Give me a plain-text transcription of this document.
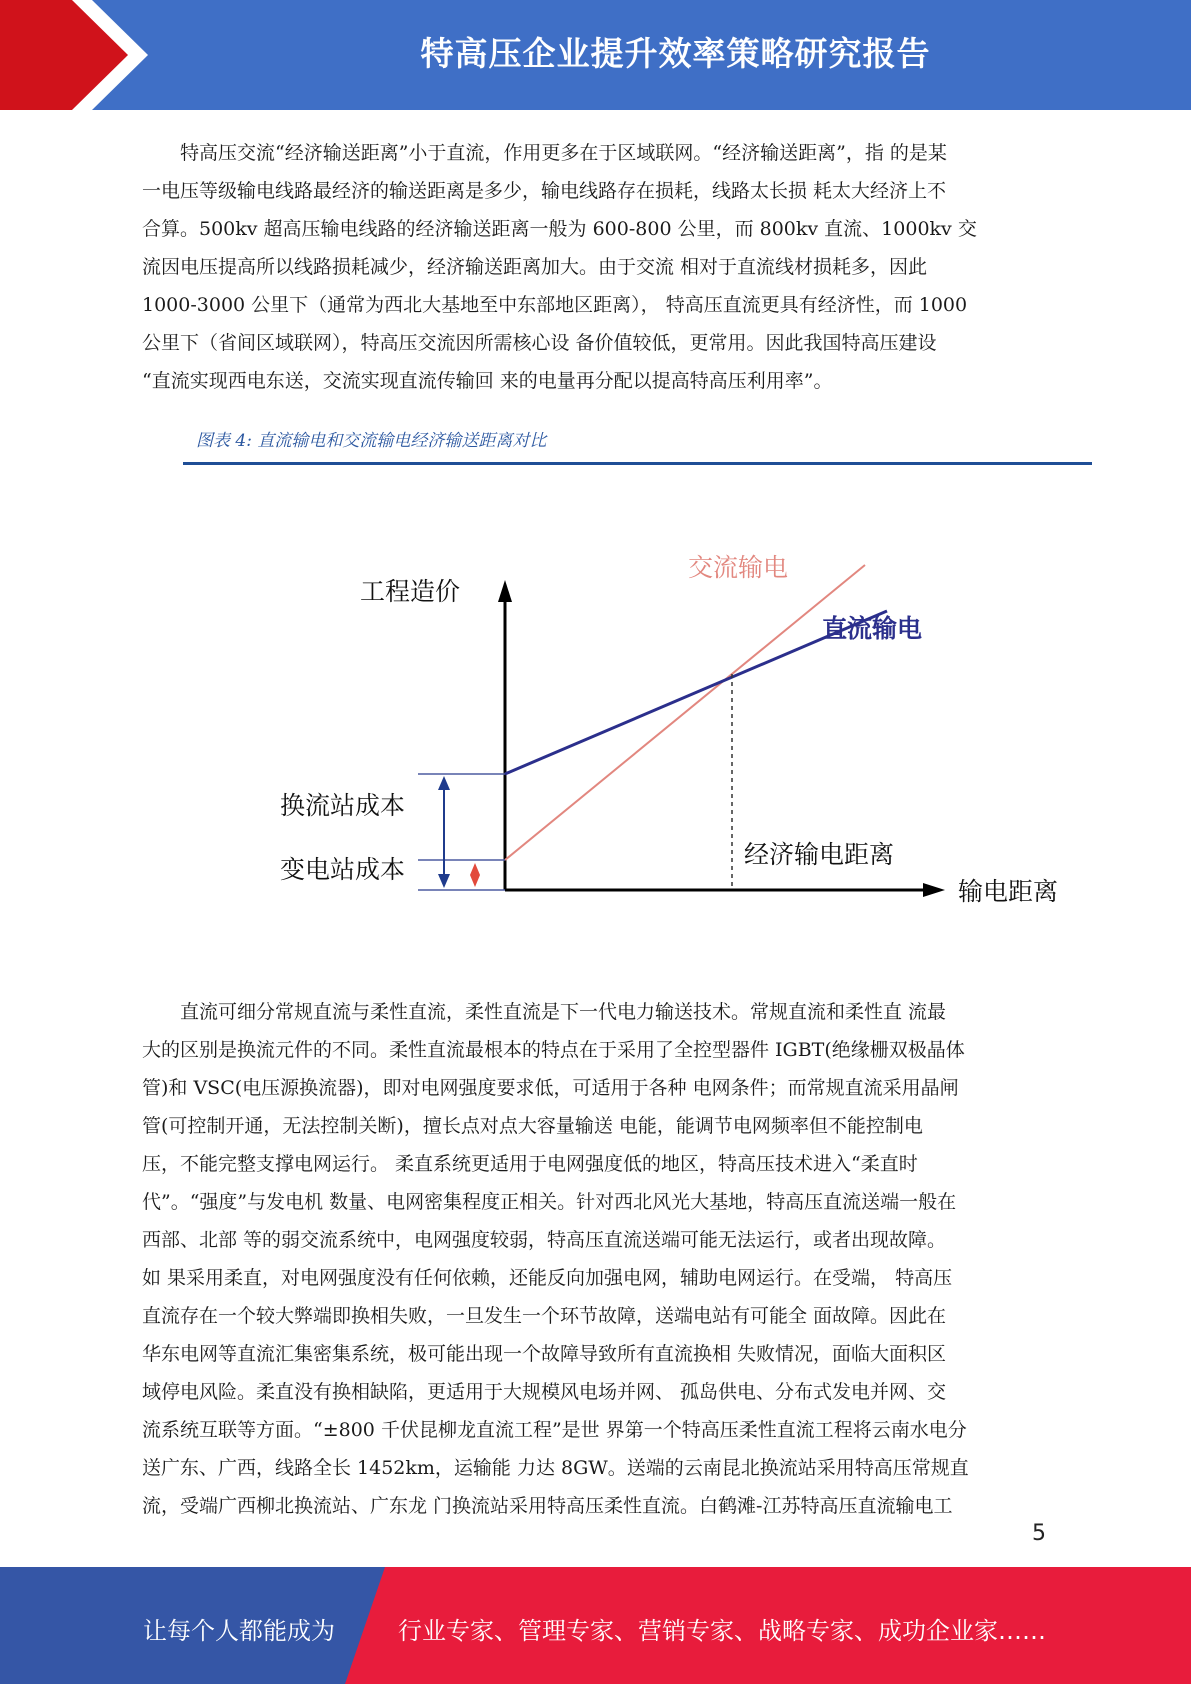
特高压企业提升效率策略研究报告
　　特高压交流“经济输送距离”小于直流，作用更多在于区域联网。“经济输送距离”，指 的是某
一电压等级输电线路最经济的输送距离是多少，输电线路存在损耗，线路太长损 耗太大经济上不
合算。500kv 超高压输电线路的经济输送距离一般为 600-800 公里，而 800kv 直流、1000kv 交
流因电压提高所以线路损耗减少，经济输送距离加大。由于交流 相对于直流线材损耗多，因此
1000-3000 公里下（通常为西北大基地至中东部地区距离）， 特高压直流更具有经济性，而 1000
公里下（省间区域联网），特高压交流因所需核心设 备价值较低，更常用。因此我国特高压建设
“直流实现西电东送，交流实现直流传输回 来的电量再分配以提高特高压利用率”。
图表 4: 直流输电和交流输电经济输送距离对比
工程造价
输电距离
交流输电
直流输电
换流站成本
变电站成本
经济输电距离
　　直流可细分常规直流与柔性直流，柔性直流是下一代电力输送技术。常规直流和柔性直 流最
大的区别是换流元件的不同。柔性直流最根本的特点在于采用了全控型器件 IGBT(绝缘栅双极晶体
管)和 VSC(电压源换流器)，即对电网强度要求低，可适用于各种 电网条件；而常规直流采用晶闸
管(可控制开通，无法控制关断)，擅长点对点大容量输送 电能，能调节电网频率但不能控制电
压，不能完整支撑电网运行。 柔直系统更适用于电网强度低的地区，特高压技术进入“柔直时
代”。“强度”与发电机 数量、电网密集程度正相关。针对西北风光大基地，特高压直流送端一般在
西部、北部 等的弱交流系统中，电网强度较弱，特高压直流送端可能无法运行，或者出现故障。
如 果采用柔直，对电网强度没有任何依赖，还能反向加强电网，辅助电网运行。在受端， 特高压
直流存在一个较大弊端即换相失败，一旦发生一个环节故障，送端电站有可能全 面故障。因此在
华东电网等直流汇集密集系统，极可能出现一个故障导致所有直流换相 失败情况，面临大面积区
域停电风险。柔直没有换相缺陷，更适用于大规模风电场并网、 孤岛供电、分布式发电并网、交
流系统互联等方面。“±800 千伏昆柳龙直流工程”是世 界第一个特高压柔性直流工程将云南水电分
送广东、广西，线路全长 1452km，运输能 力达 8GW。送端的云南昆北换流站采用特高压常规直
流，受端广西柳北换流站、广东龙 门换流站采用特高压柔性直流。白鹤滩-江苏特高压直流输电工
5
让每个人都能成为	行业专家、管理专家、营销专家、战略专家、成功企业家……
